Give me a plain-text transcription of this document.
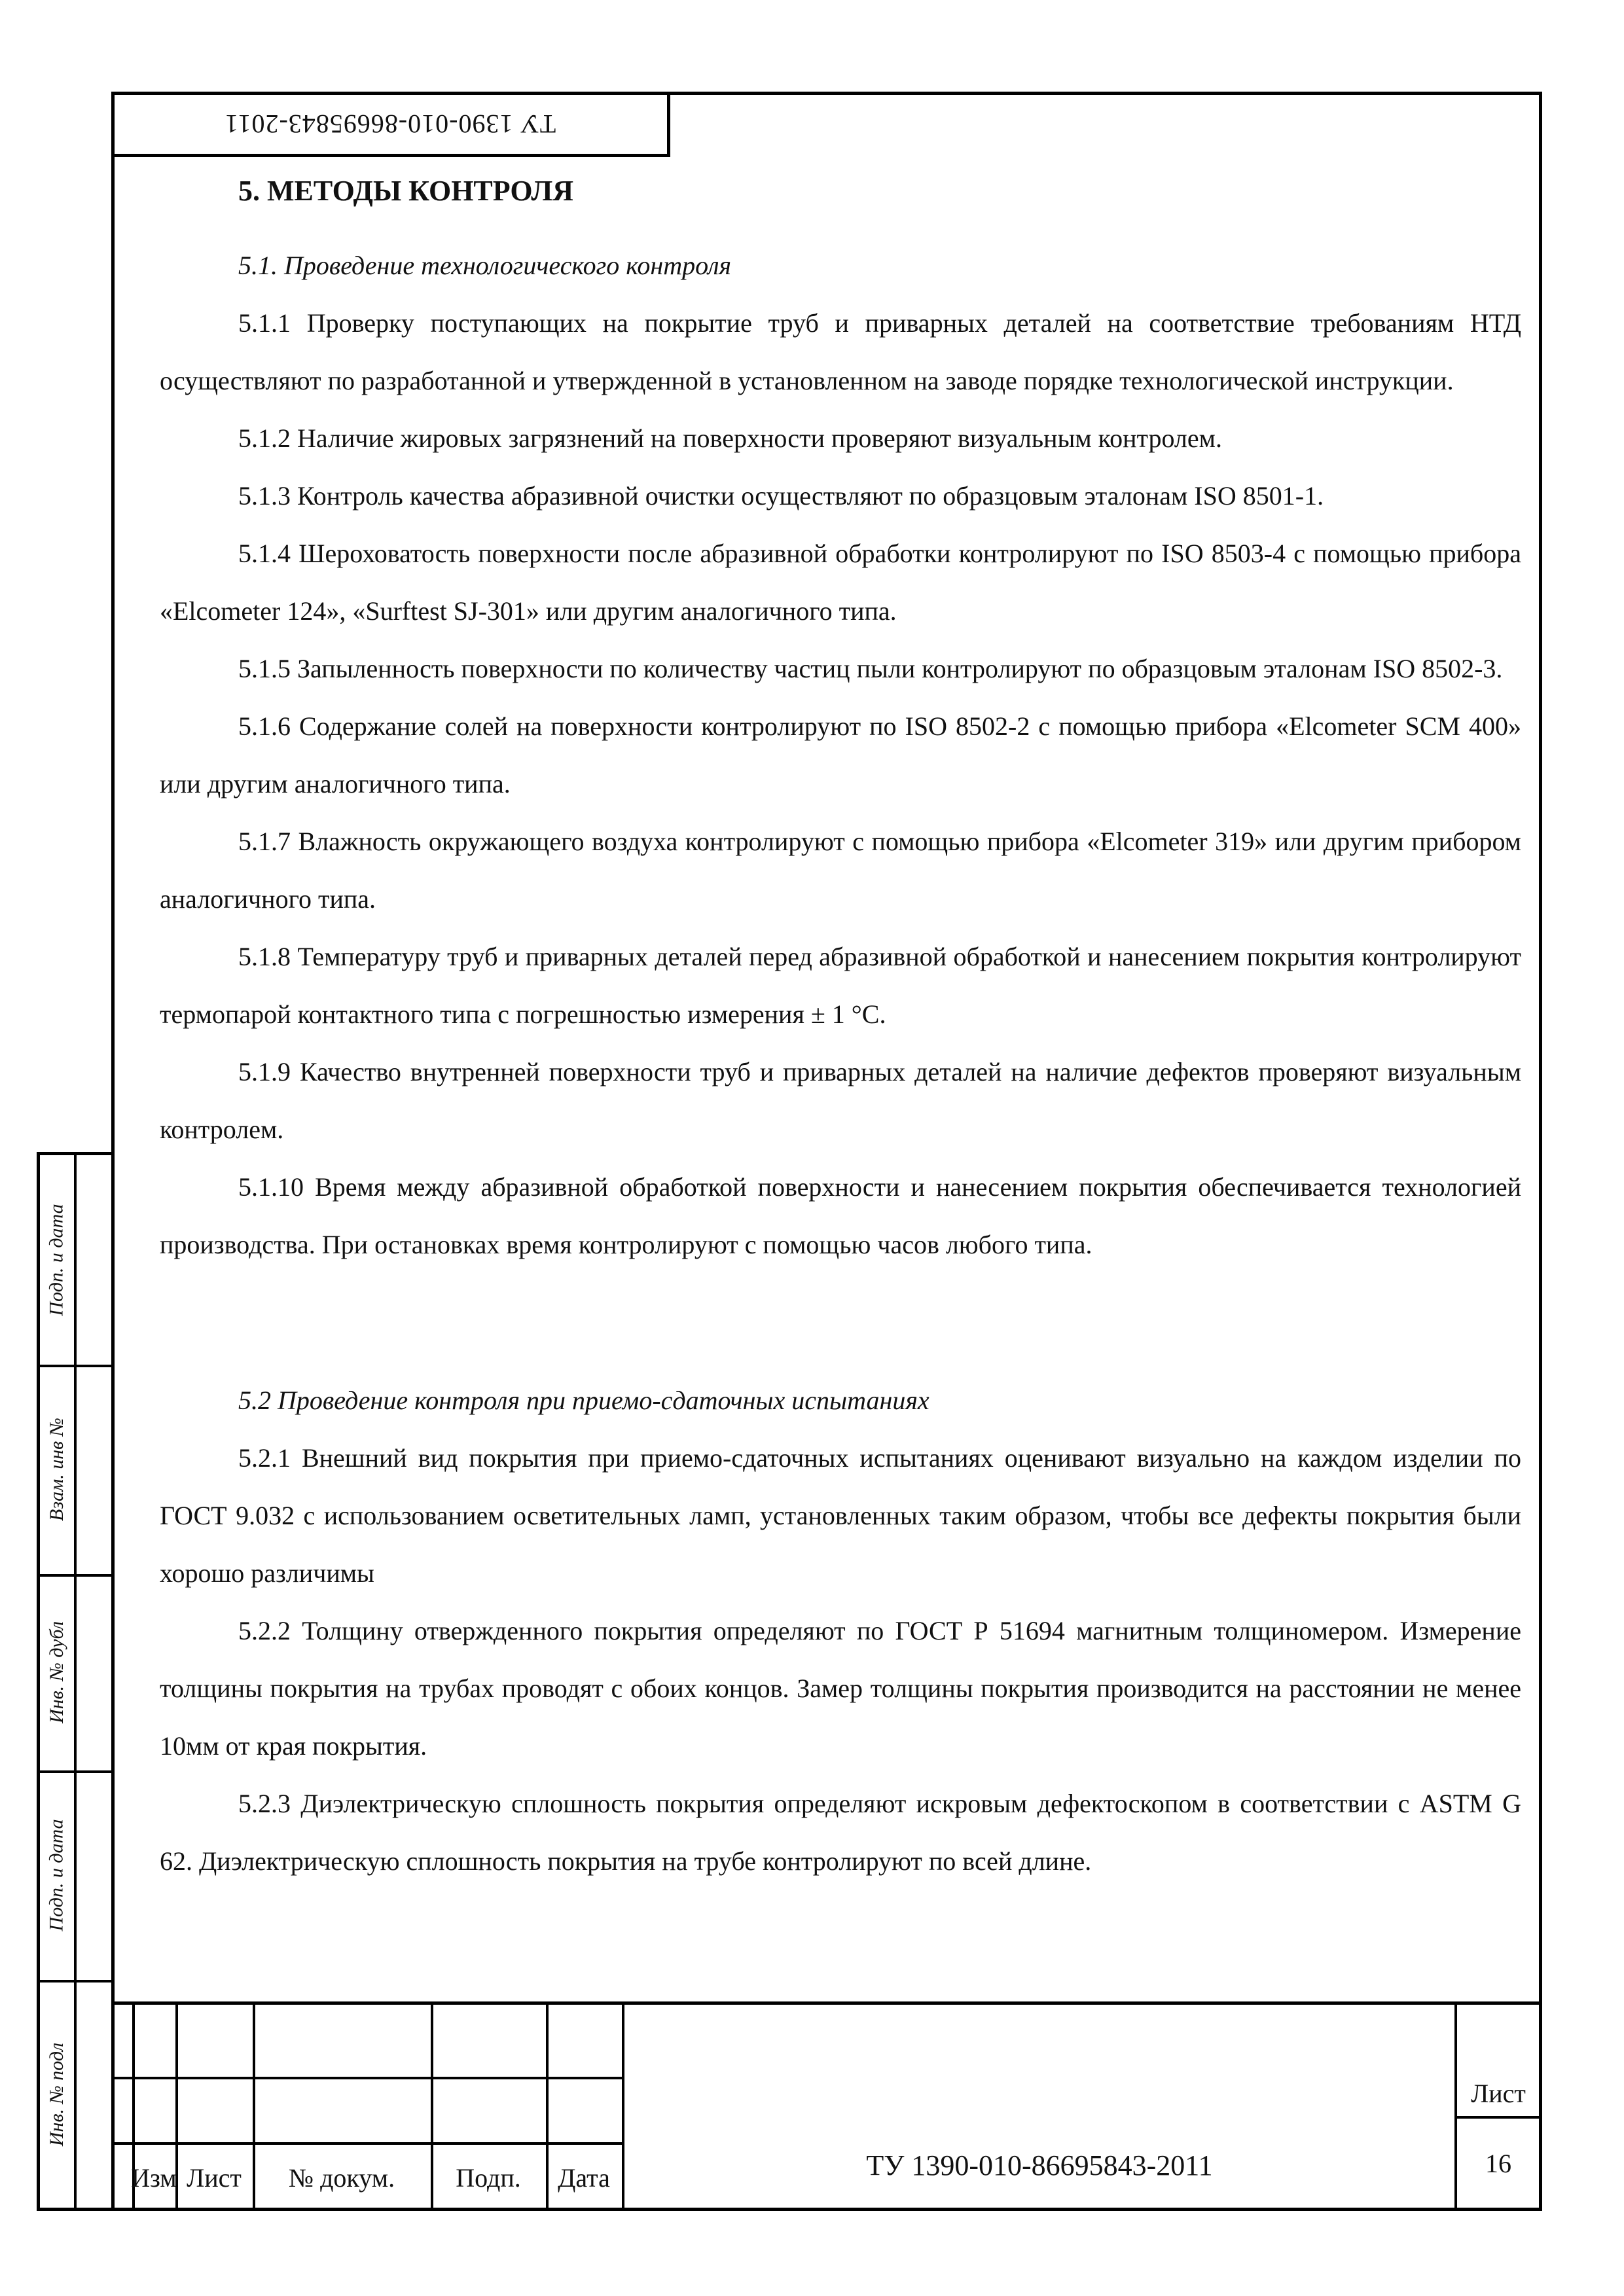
ТУ 1390-010-86695843-2011

5. МЕТОДЫ КОНТРОЛЯ

5.1. Проведение технологического контроля

5.1.1 Проверку поступающих на покрытие труб и приварных деталей на соответствие требованиям НТД осуществляют по разработанной и утвержденной в установленном на заводе порядке технологической инструкции.

5.1.2 Наличие жировых загрязнений на поверхности проверяют визуальным контролем.

5.1.3 Контроль качества абразивной очистки осуществляют по образцовым эталонам ISO 8501-1.

5.1.4 Шероховатость поверхности после абразивной обработки контролируют по ISO 8503-4 с помощью прибора «Elcometer 124», «Surftest SJ-301» или другим аналогичного типа.

5.1.5 Запыленность поверхности по количеству частиц пыли контролируют по образцовым эталонам ISO 8502-3.

5.1.6 Содержание солей на поверхности контролируют по ISO 8502-2 с помощью прибора «Elcometer SCM 400» или другим аналогичного типа.

5.1.7 Влажность окружающего воздуха контролируют с помощью прибора «Elcometer 319» или другим прибором аналогичного типа.

5.1.8 Температуру труб и приварных деталей перед абразивной обработкой и нанесением покрытия контролируют термопарой контактного типа с погрешностью измерения ± 1 °С.

5.1.9 Качество внутренней поверхности труб и приварных деталей на наличие дефектов проверяют визуальным контролем.

5.1.10 Время между абразивной обработкой поверхности и нанесением покрытия обеспечивается технологией производства. При остановках время контролируют с помощью часов любого типа.

5.2 Проведение контроля при приемо-сдаточных испытаниях

5.2.1 Внешний вид покрытия при приемо-сдаточных испытаниях оценивают визуально на каждом изделии по ГОСТ 9.032 с использованием осветительных ламп, установленных таким образом, чтобы все дефекты покрытия были хорошо различимы

5.2.2 Толщину отвержденного покрытия определяют по ГОСТ Р 51694 магнитным толщиномером. Измерение толщины покрытия на трубах проводят с обоих концов. Замер толщины покрытия производится на расстоянии не менее 10мм от края покрытия.

5.2.3 Диэлектрическую сплошность покрытия определяют искровым дефектоскопом в соответствии с ASTM G 62. Диэлектрическую сплошность покрытия на трубе контролируют по всей длине.

Подп. и дата
Взам. инв №
Инв. № дубл
Подп. и дата
Инв. № подл
Изм Лист	№ докум.	Подп.	Дата	ТУ 1390-010-86695843-2011
Лист
16
